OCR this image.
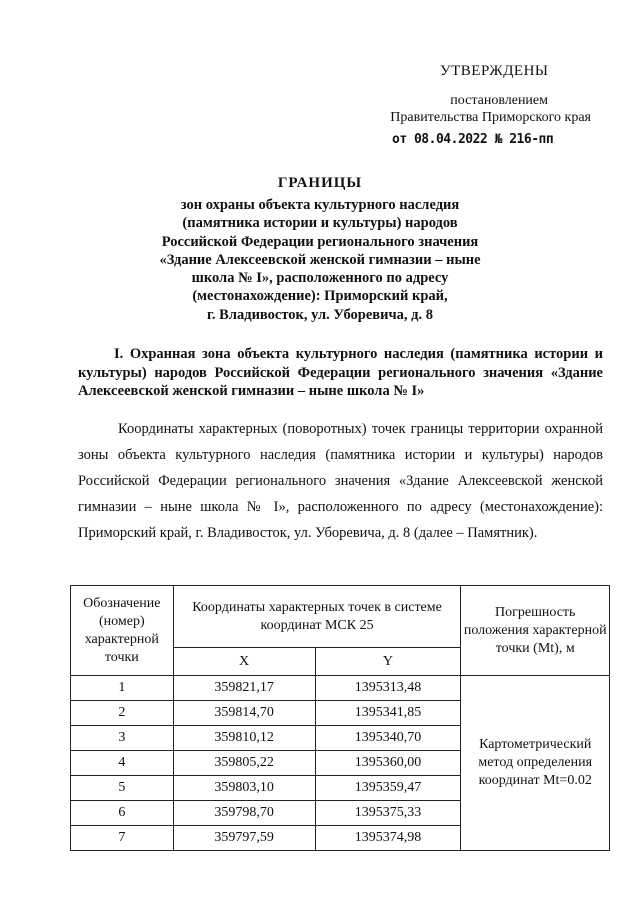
УТВЕРЖДЕНЫ
постановлением
Правительства Приморского края
от 08.04.2022 № 216-пп
ГРАНИЦЫ
зон охраны объекта культурного наследия
(памятника истории и культуры) народов
Российской Федерации регионального значения
«Здание Алексеевской женской гимназии – ныне
школа № I», расположенного по адресу
(местонахождение): Приморский край,
г. Владивосток, ул. Уборевича, д. 8
I. Охранная зона объекта культурного наследия (памятника истории и культуры) народов Российской Федерации регионального значения «Здание Алексеевской женской гимназии – ныне школа № I»
Координаты характерных (поворотных) точек границы территории охранной зоны объекта культурного наследия (памятника истории и культуры) народов Российской Федерации регионального значения «Здание Алексеевской женской гимназии – ныне школа № I», расположенного по адресу (местонахождение): Приморский край, г. Владивосток, ул. Уборевича, д. 8 (далее – Памятник).
Обозначение (номер) характерной точки	Координаты характерных точек в системе координат МСК 25		Погрешность положения характерной точки (Mt), м
	X	Y	
1	359821,17	1395313,48	Картометрический метод определения координат Mt=0.02
2	359814,70	1395341,85	
3	359810,12	1395340,70	
4	359805,22	1395360,00	
5	359803,10	1395359,47	
6	359798,70	1395375,33	
7	359797,59	1395374,98	
